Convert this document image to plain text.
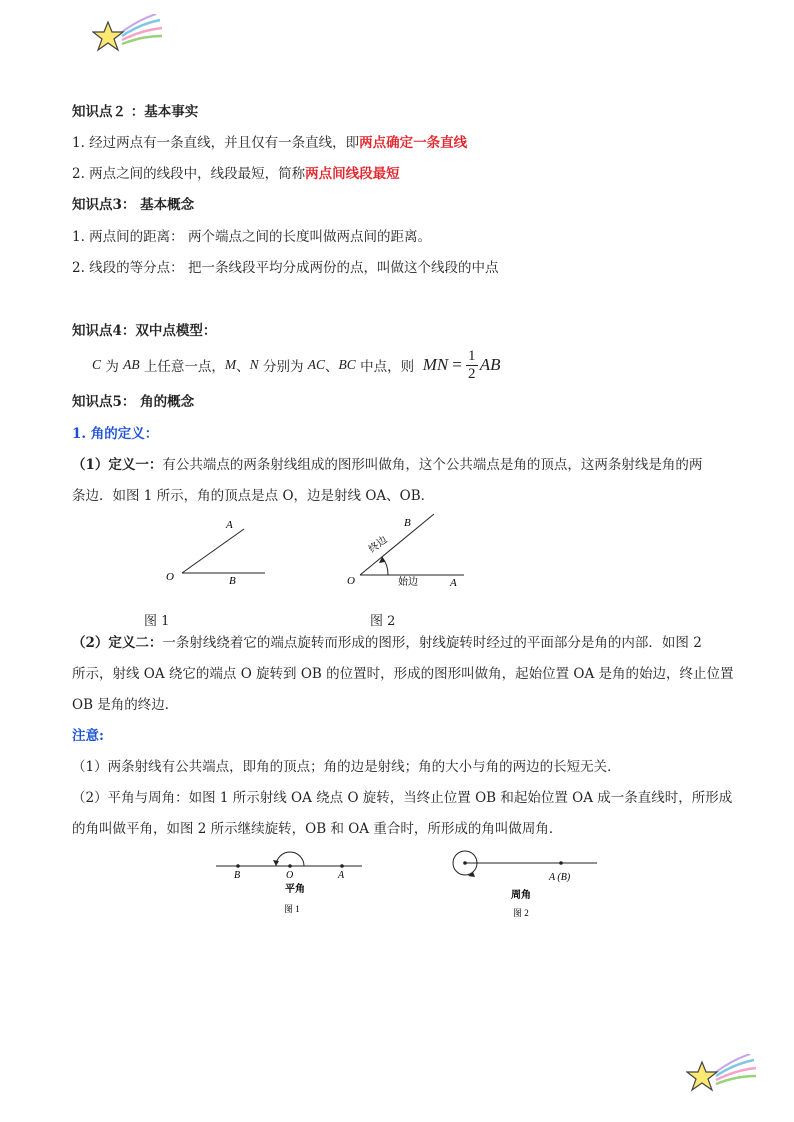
知识点２ ：基本事实
1. 经过两点有一条直线，并且仅有一条直线，即两点确定一条直线
2. 两点之间的线段中，线段最短，简称两点间线段最短
知识点3： 基本概念
1. 两点间的距离： 两个端点之间的长度叫做两点间的距离。
2. 线段的等分点： 把一条线段平均分成两份的点，叫做这个线段的中点
知识点4：双中点模型：
C
为
AB
上任意一点， M 、 N
分别为
AC 、 BC
中点，则
MN = 1
2 AB
知识点5： 角的概念
1. 角的定义：
（1）定义一：有公共端点的两条射线组成的图形叫做角，这个公共端点是角的顶点，这两条射线是角的两
条边．如图 1 所示，角的顶点是点 O，边是射线 OA、OB．
A
O	B
图 1
B
O	A
终边
始边
图 2
（2）定义二：一条射线绕着它的端点旋转而形成的图形，射线旋转时经过的平面部分是角的内部．如图 2
所示，射线 OA 绕它的端点 O 旋转到 OB 的位置时，形成的图形叫做角，起始位置 OA 是角的始边，终止位置
OB 是角的终边．
注意:
（1）两条射线有公共端点，即角的顶点；角的边是射线；角的大小与角的两边的长短无关．
（2）平角与周角：如图 1 所示射线 OA 绕点 O 旋转，当终止位置 OB 和起始位置 OA 成一条直线时，所形成
的角叫做平角，如图 2 所示继续旋转，OB 和 OA 重合时，所形成的角叫做周角．
B	O	A
平角
图 1
A (B)
周角
图 2
